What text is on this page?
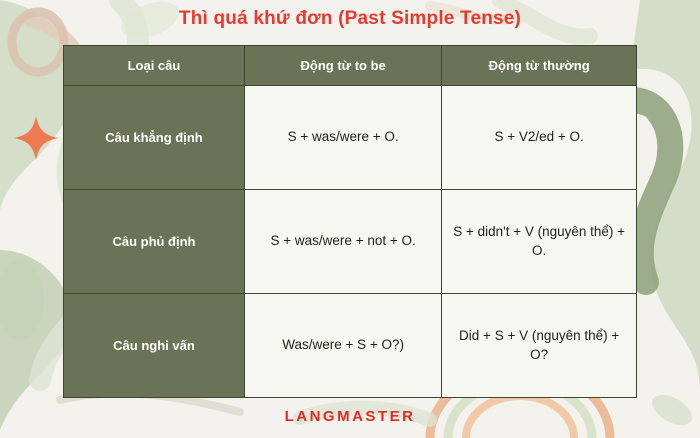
Thì quá khứ đơn (Past Simple Tense)
Loại câu	Động từ to be	Động từ thường
Câu khẳng định	S + was/were + O.	S + V2/ed + O.
Câu phủ định	S + was/were + not + O.	S + didn't + V (nguyên thể) + O.
Câu nghi vấn	Was/were + S + O?)	Did + S + V (nguyên thể) + O?
LANGMASTER
